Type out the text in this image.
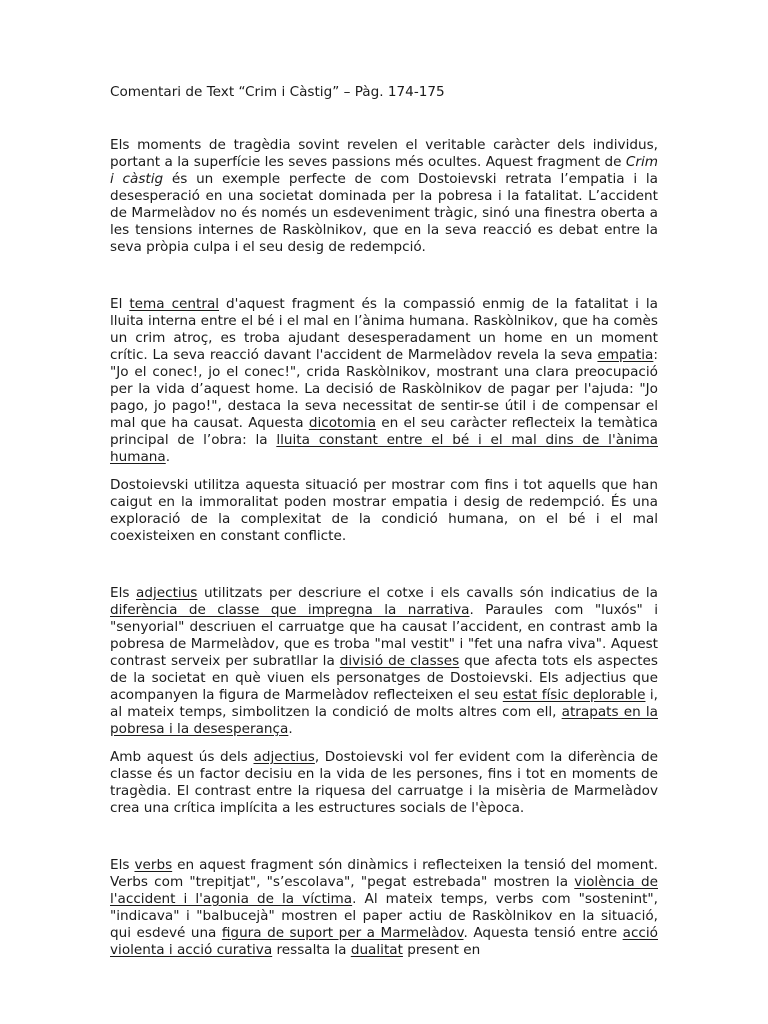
Comentari de Text “Crim i Càstig” – Pàg. 174-175

Els moments de tragèdia sovint revelen el veritable caràcter dels individus, portant a la superfície les seves passions més ocultes. Aquest fragment de Crim i càstig és un exemple perfecte de com Dostoievski retrata l’empatia i la desesperació en una societat dominada per la pobresa i la fatalitat. L’accident de Marmelàdov no és només un esdeveniment tràgic, sinó una finestra oberta a les tensions internes de Raskòlnikov, que en la seva reacció es debat entre la seva pròpia culpa i el seu desig de redempció.

El tema central d'aquest fragment és la compassió enmig de la fatalitat i la lluita interna entre el bé i el mal en l’ànima humana. Raskòlnikov, que ha comès un crim atroç, es troba ajudant desesperadament un home en un moment crític. La seva reacció davant l'accident de Marmelàdov revela la seva empatia: "Jo el conec!, jo el conec!", crida Raskòlnikov, mostrant una clara preocupació per la vida d’aquest home. La decisió de Raskòlnikov de pagar per l'ajuda: "Jo pago, jo pago!", destaca la seva necessitat de sentir-se útil i de compensar el mal que ha causat. Aquesta dicotomia en el seu caràcter reflecteix la temàtica principal de l’obra: la lluita constant entre el bé i el mal dins de l'ànima humana.

Dostoievski utilitza aquesta situació per mostrar com fins i tot aquells que han caigut en la immoralitat poden mostrar empatia i desig de redempció. És una exploració de la complexitat de la condició humana, on el bé i el mal coexisteixen en constant conflicte.

Els adjectius utilitzats per descriure el cotxe i els cavalls són indicatius de la diferència de classe que impregna la narrativa. Paraules com "luxós" i "senyorial" descriuen el carruatge que ha causat l’accident, en contrast amb la pobresa de Marmelàdov, que es troba "mal vestit" i "fet una nafra viva". Aquest contrast serveix per subratllar la divisió de classes que afecta tots els aspectes de la societat en què viuen els personatges de Dostoievski. Els adjectius que acompanyen la figura de Marmelàdov reflecteixen el seu estat físic deplorable i, al mateix temps, simbolitzen la condició de molts altres com ell, atrapats en la pobresa i la desesperança.

Amb aquest ús dels adjectius, Dostoievski vol fer evident com la diferència de classe és un factor decisiu en la vida de les persones, fins i tot en moments de tragèdia. El contrast entre la riquesa del carruatge i la misèria de Marmelàdov crea una crítica implícita a les estructures socials de l'època.

Els verbs en aquest fragment són dinàmics i reflecteixen la tensió del moment. Verbs com "trepitjat", "s’escolava", "pegat estrebada" mostren la violència de l'accident i l'agonia de la víctima. Al mateix temps, verbs com "sostenint", "indicava" i "balbucejà" mostren el paper actiu de Raskòlnikov en la situació, qui esdevé una figura de suport per a Marmelàdov. Aquesta tensió entre acció violenta i acció curativa ressalta la dualitat present en
